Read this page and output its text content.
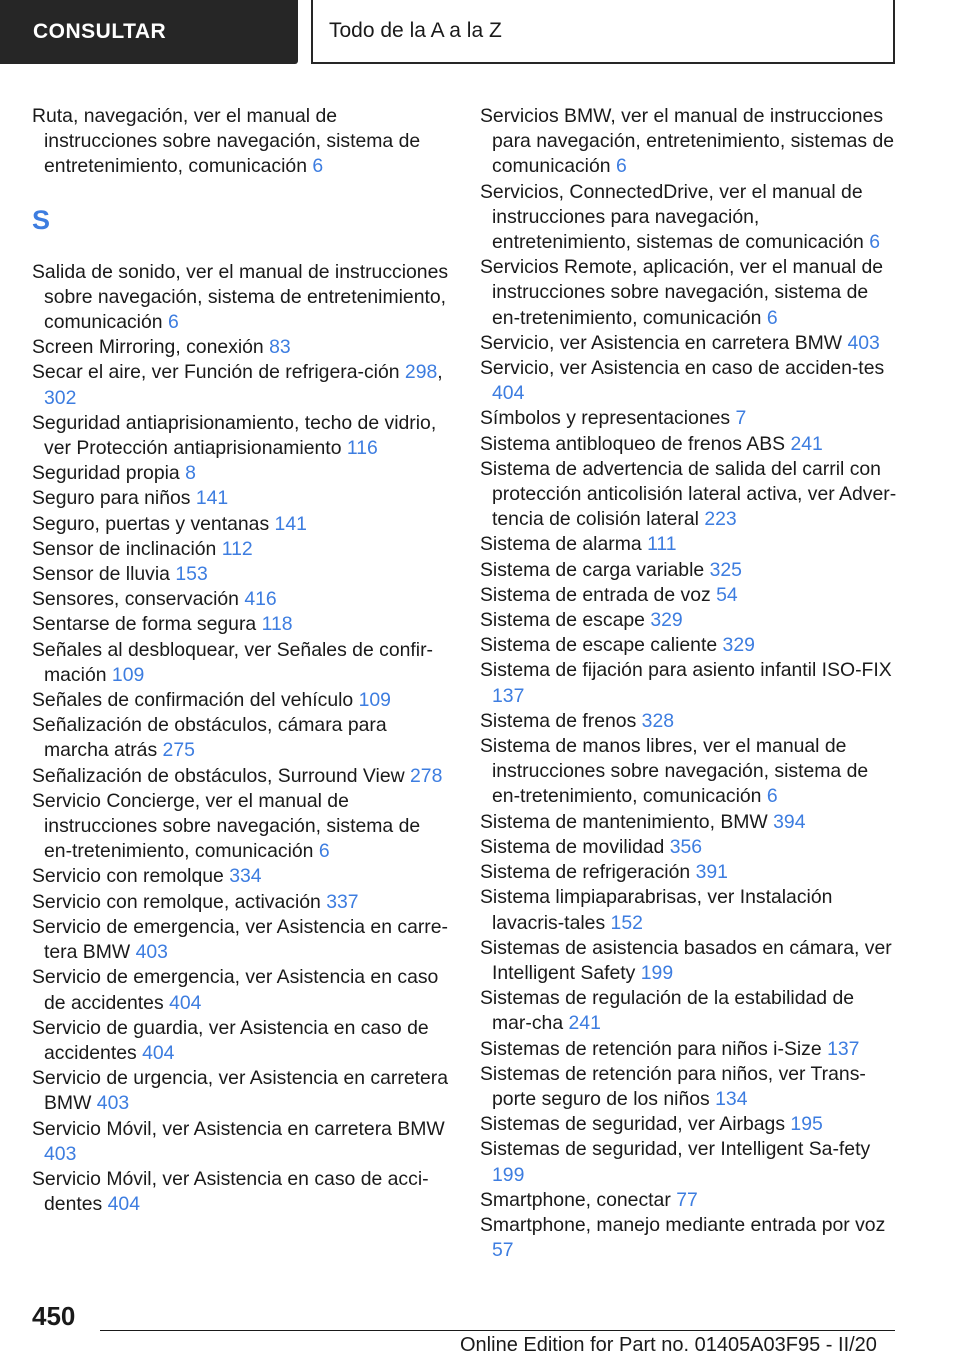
CONSULTAR	Todo de la A a la Z

Ruta, navegación, ver el manual de instrucciones sobre navegación, sistema de entretenimiento, comunicación 6

S

Salida de sonido, ver el manual de instrucciones sobre navegación, sistema de entretenimiento, comunicación 6

Screen Mirroring, conexión 83

Secar el aire, ver Función de refrigera-ción 298, 302

Seguridad antiaprisionamiento, techo de vidrio, ver Protección antiaprisionamiento 116

Seguridad propia 8

Seguro para niños 141

Seguro, puertas y ventanas 141

Sensor de inclinación 112

Sensor de lluvia 153

Sensores, conservación 416

Sentarse de forma segura 118

Señales al desbloquear, ver Señales de confir-mación 109

Señales de confirmación del vehículo 109

Señalización de obstáculos, cámara para marcha atrás 275

Señalización de obstáculos, Surround View 278

Servicio Concierge, ver el manual de instrucciones sobre navegación, sistema de en-tretenimiento, comunicación 6

Servicio con remolque 334

Servicio con remolque, activación 337

Servicio de emergencia, ver Asistencia en carre-tera BMW 403

Servicio de emergencia, ver Asistencia en caso de accidentes 404

Servicio de guardia, ver Asistencia en caso de accidentes 404

Servicio de urgencia, ver Asistencia en carretera BMW 403

Servicio Móvil, ver Asistencia en carretera BMW 403

Servicio Móvil, ver Asistencia en caso de acci-dentes 404

Servicios BMW, ver el manual de instrucciones para navegación, entretenimiento, sistemas de comunicación 6

Servicios, ConnectedDrive, ver el manual de instrucciones para navegación, entretenimiento, sistemas de comunicación 6

Servicios Remote, aplicación, ver el manual de instrucciones sobre navegación, sistema de en-tretenimiento, comunicación 6

Servicio, ver Asistencia en carretera BMW 403

Servicio, ver Asistencia en caso de acciden-tes 404

Símbolos y representaciones 7

Sistema antibloqueo de frenos ABS 241

Sistema de advertencia de salida del carril con protección anticolisión lateral activa, ver Adver-tencia de colisión lateral 223

Sistema de alarma 111

Sistema de carga variable 325

Sistema de entrada de voz 54

Sistema de escape 329

Sistema de escape caliente 329

Sistema de fijación para asiento infantil ISO-FIX 137

Sistema de frenos 328

Sistema de manos libres, ver el manual de instrucciones sobre navegación, sistema de en-tretenimiento, comunicación 6

Sistema de mantenimiento, BMW 394

Sistema de movilidad 356

Sistema de refrigeración 391

Sistema limpiaparabrisas, ver Instalación lavacris-tales 152

Sistemas de asistencia basados en cámara, ver Intelligent Safety 199

Sistemas de regulación de la estabilidad de mar-cha 241

Sistemas de retención para niños i-Size 137

Sistemas de retención para niños, ver Trans-porte seguro de los niños 134

Sistemas de seguridad, ver Airbags 195

Sistemas de seguridad, ver Intelligent Sa-fety 199

Smartphone, conectar 77

Smartphone, manejo mediante entrada por voz 57

450
Online Edition for Part no. 01405A03F95 - II/20
